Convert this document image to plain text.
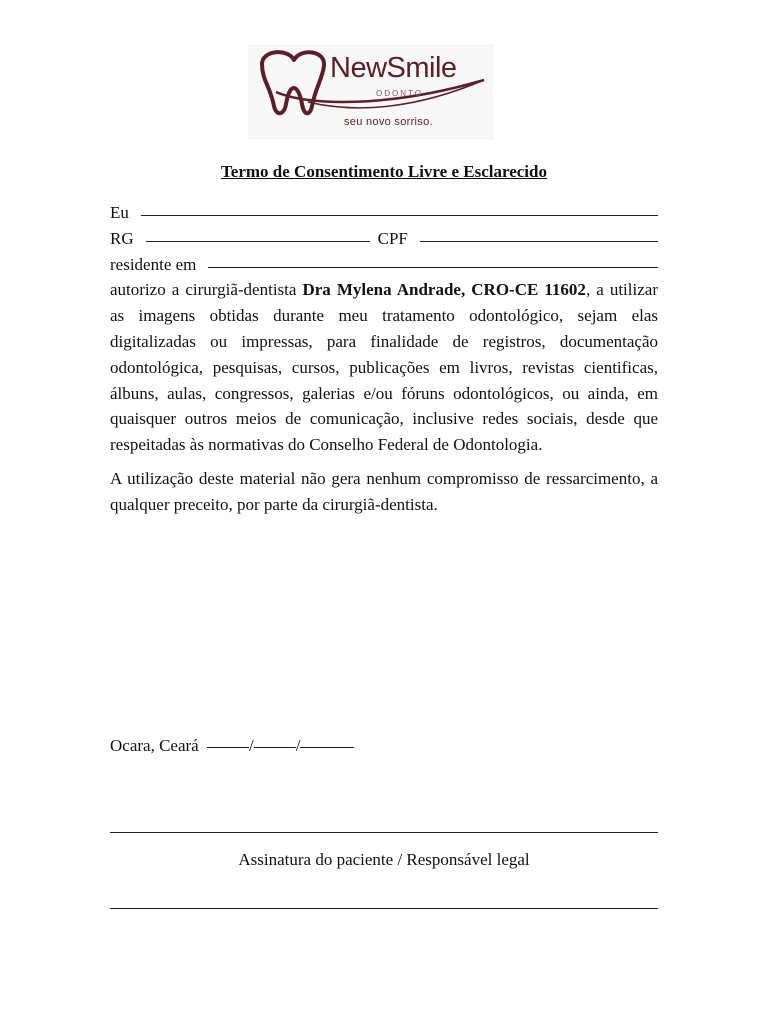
NewSmile
ODONTO
seu novo sorriso.
Termo de Consentimento Livre e Esclarecido
Eu
RG	CPF
residente em

autorizo a cirurgiã-dentista Dra Mylena Andrade, CRO-CE 11602, a utilizar as imagens obtidas durante meu tratamento odontológico, sejam elas digitalizadas ou impressas, para finalidade de registros, documentação odontológica, pesquisas, cursos, publicações em livros, revistas cientificas, álbuns, aulas, congressos, galerias e/ou fóruns odontológicos, ou ainda, em quaisquer outros meios de comunicação, inclusive redes sociais, desde que respeitadas às normativas do Conselho Federal de Odontologia.

A utilização deste material não gera nenhum compromisso de ressarcimento, a qualquer preceito, por parte da cirurgiã-dentista.

Ocara, Ceará	/ /
Assinatura do paciente / Responsável legal
